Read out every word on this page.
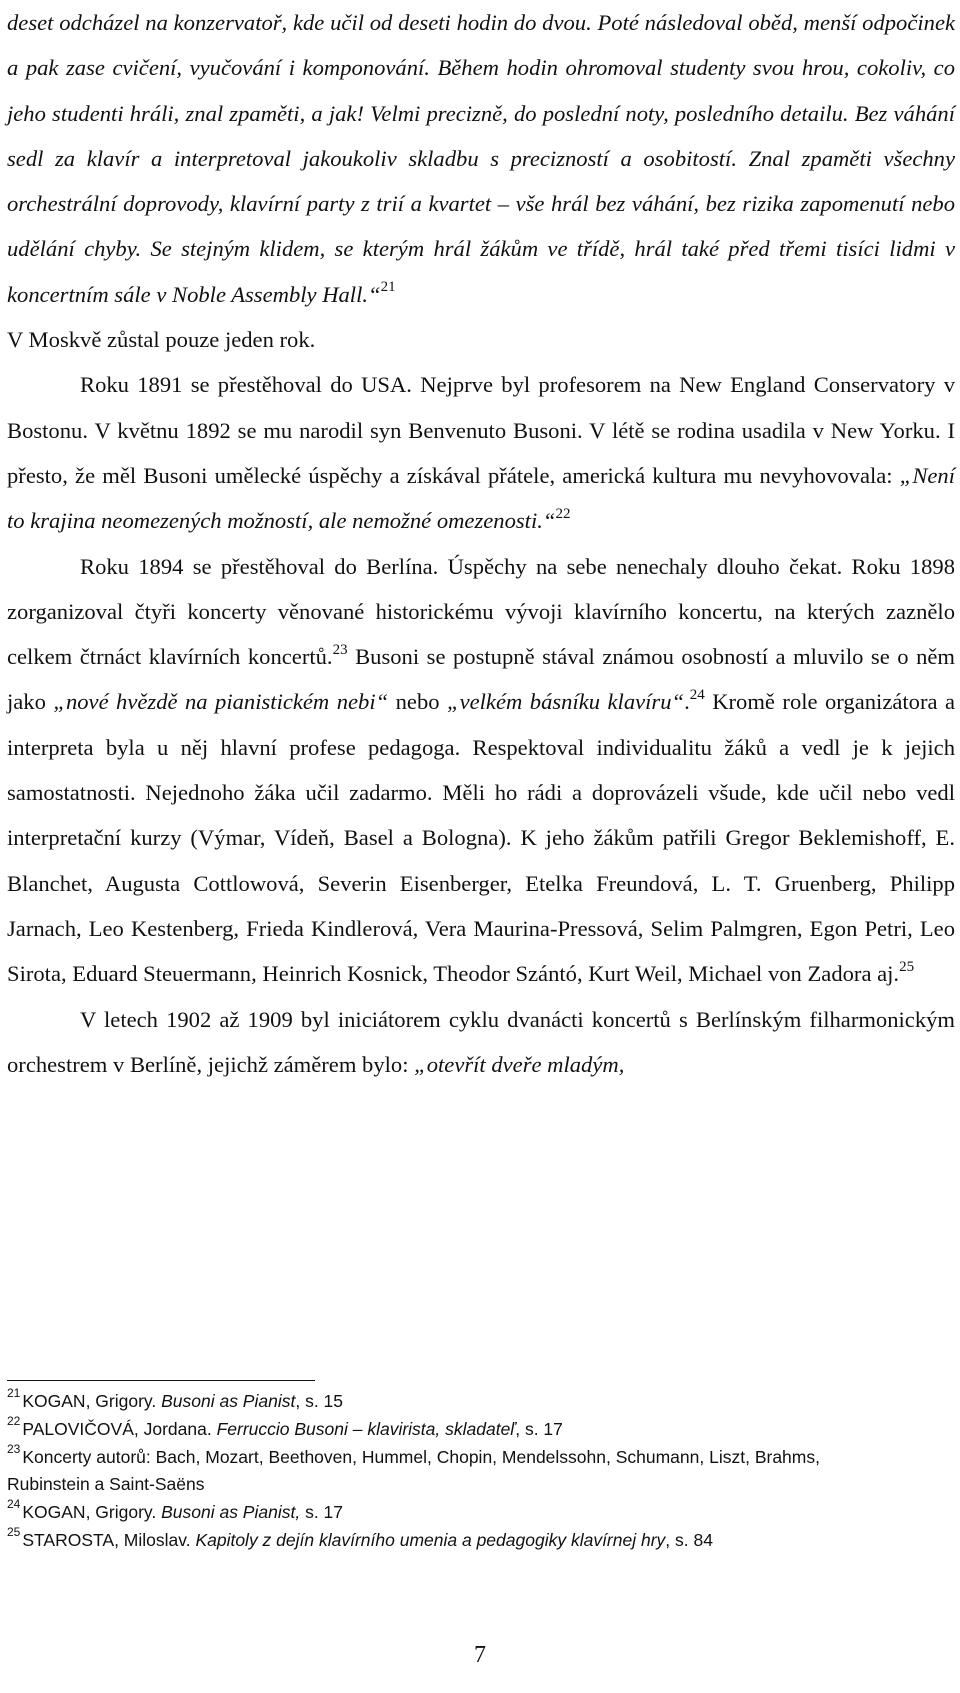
deset odcházel na konzervatoř, kde učil od deseti hodin do dvou. Poté následoval oběd, menší odpočinek a pak zase cvičení, vyučování i komponování. Během hodin ohromoval studenty svou hrou, cokoliv, co jeho studenti hráli, znal zpaměti, a jak! Velmi precizně, do poslední noty, posledního detailu. Bez váhání sedl za klavír a interpretoval jakoukoliv skladbu s precizností a osobitostí. Znal zpaměti všechny orchestrální doprovody, klavírní party z trií a kvartet – vše hrál bez váhání, bez rizika zapomenutí nebo udělání chyby. Se stejným klidem, se kterým hrál žákům ve třídě, hrál také před třemi tisíci lidmi v koncertním sále v Noble Assembly Hall.“$^{21}$
V Moskvě zůstal pouze jeden rok.

Roku 1891 se přestěhoval do USA. Nejprve byl profesorem na New England Conservatory v Bostonu. V květnu 1892 se mu narodil syn Benvenuto Busoni. V létě se rodina usadila v New Yorku. I přesto, že měl Busoni umělecké úspěchy a získával přátele, americká kultura mu nevyhovovala: „Není to krajina neomezených možností, ale nemožné omezenosti.“$^{22}$

Roku 1894 se přestěhoval do Berlína. Úspěchy na sebe nenechaly dlouho čekat. Roku 1898 zorganizoval čtyři koncerty věnované historickému vývoji klavírního koncertu, na kterých zaznělo celkem čtrnáct klavírních koncertů.$^{23}$ Busoni se postupně stával známou osobností a mluvilo se o něm jako „nové hvězdě na pianistickém nebi“ nebo „velkém básníku klavíru“.$^{24}$ Kromě role organizátora a interpreta byla u něj hlavní profese pedagoga. Respektoval individualitu žáků a vedl je k jejich samostatnosti. Nejednoho žáka učil zadarmo. Měli ho rádi a doprovázeli všude, kde učil nebo vedl interpretační kurzy (Výmar, Vídeň, Basel a Bologna). K jeho žákům patřili Gregor Beklemishoff, E. Blanchet, Augusta Cottlowová, Severin Eisenberger, Etelka Freundová, L. T. Gruenberg, Philipp Jarnach, Leo Kestenberg, Frieda Kindlerová, Vera Maurina-Pressová, Selim Palmgren, Egon Petri, Leo Sirota, Eduard Steuermann, Heinrich Kosnick, Theodor Szántó, Kurt Weil, Michael von Zadora aj.$^{25}$

V letech 1902 až 1909 byl iniciátorem cyklu dvanácti koncertů s Berlínským filharmonickým orchestrem v Berlíně, jejichž záměrem bylo: „otevřít dveře mladým,

$^{21}$ KOGAN, Grigory. Busoni as Pianist, s. 15

$^{22}$ PALOVIČOVÁ, Jordana. Ferruccio Busoni – klavirista, skladateľ, s. 17

$^{23}$ Koncerty autorů: Bach, Mozart, Beethoven, Hummel, Chopin, Mendelssohn, Schumann, Liszt, Brahms, Rubinstein a Saint-Saëns

$^{24}$ KOGAN, Grigory. Busoni as Pianist, s. 17

$^{25}$ STAROSTA, Miloslav. Kapitoly z dejín klavírního umenia a pedagogiky klavírnej hry, s. 84

7
